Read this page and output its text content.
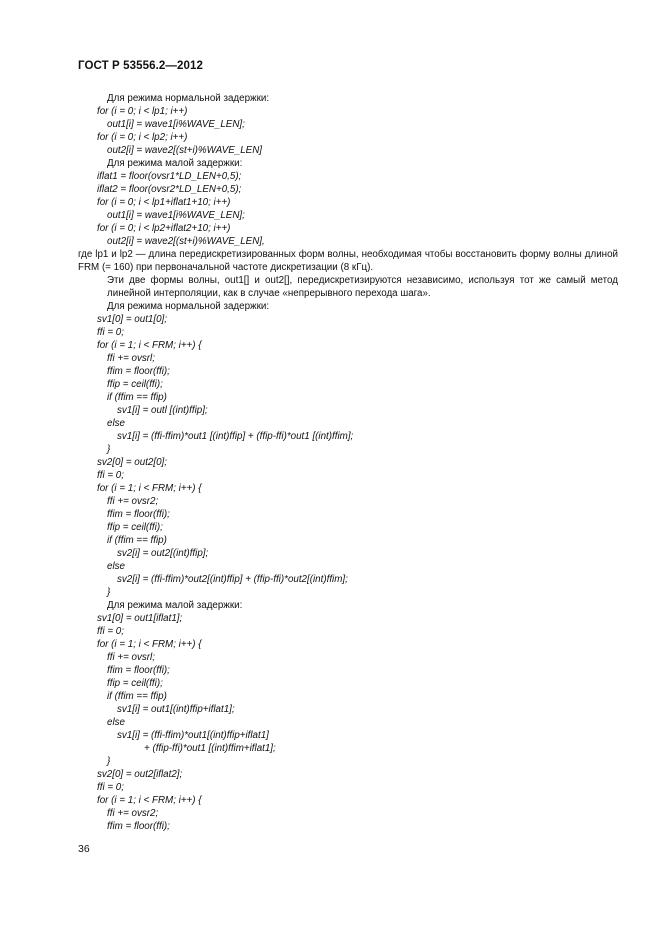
ГОСТ Р 53556.2—2012
Для режима нормальной задержки:
for (i = 0; i < lp1; i++)
out1[i] = wave1[i%WAVE_LEN];
for (i = 0; i < lp2; i++)
out2[i] = wave2[(st+i)%WAVE_LEN]
Для режима малой задержки:
iflat1 = floor(ovsr1*LD_LEN+0,5);
iflat2 = floor(ovsr2*LD_LEN+0,5);
for (i = 0; i < lp1+iflat1+10; i++)
out1[i] = wave1[i%WAVE_LEN];
for (i = 0; i < lp2+iflat2+10; i++)
out2[i] = wave2[(st+i)%WAVE_LEN],
где lp1 и lp2 — длина передискретизированных форм волны, необходимая чтобы восстановить форму волны длиной FRM (= 160) при первоначальной частоте дискретизации (8 кГц).
Эти две формы волны, out1[] и out2[], передискретизируются независимо, используя тот же самый метод линейной интерполяции, как в случае «непрерывного перехода шага».
Для режима нормальной задержки:
sv1[0] = out1[0];
ffi = 0;
for (i = 1; i < FRM; i++) {
ffi += ovsrl;
ffim = floor(ffi);
ffip = ceil(ffi);
if (ffim == ffip)
sv1[i] = outl [(int)ffip];
else
sv1[i] = (ffi-ffim)*out1 [(int)ffip] + (ffip-ffi)*out1 [(int)ffim];
}
sv2[0] = out2[0];
ffi = 0;
for (i = 1; i < FRM; i++) {
ffi += ovsr2;
ffim = floor(ffi);
ffip = ceil(ffi);
if (ffim == ffip)
sv2[i] = out2[(int)ffip];
else
sv2[i] = (ffi-ffim)*out2[(int)ffip] + (ffip-ffi)*out2[(int)ffim];
}
Для режима малой задержки:
sv1[0] = out1[iflat1];
ffi = 0;
for (i = 1; i < FRM; i++) {
ffi += ovsrl;
ffim = floor(ffi);
ffip = ceil(ffi);
if (ffim == ffip)
sv1[i] = out1[(int)ffip+iflat1];
else
sv1[i] = (ffi-ffim)*out1[(int)ffip+iflat1]
+ (ffip-ffi)*out1 [(int)ffim+iflat1];
}
sv2[0] = out2[iflat2];
ffi = 0;
for (i = 1; i < FRM; i++) {
ffi += ovsr2;
ffim = floor(ffi);
36
